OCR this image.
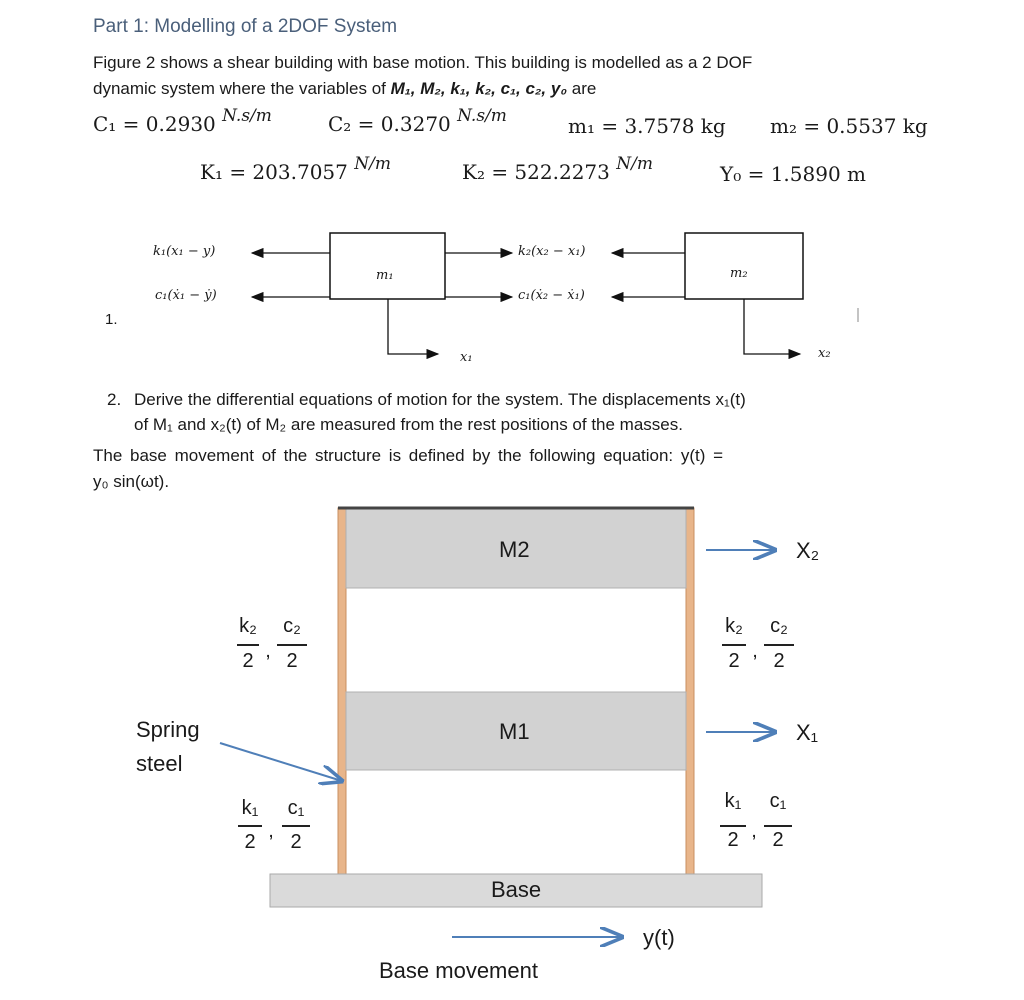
Part 1: Modelling of a 2DOF System
Figure 2 shows a shear building with base motion. This building is modelled as a 2 DOF
dynamic system where the variables of M₁, M₂, k₁, k₂, c₁, c₂, y₀ are
C₁ = 0.2930 $^{N.s/m}$	C₂ = 0.3270 $^{N.s/m}$	m₁ = 3.7578 kg m₂ = 0.5537 kg
K₁ = 203.7057 $^{N/m}$	K₂ = 522.2273 $^{N/m}$	Y₀ = 1.5890 m
k₁(x₁ − y)
c₁(ẋ₁ − ẏ)
m₁
k₂(x₂ − x₁)
c₁(ẋ₂ − ẋ₁)
m₂
x₁	x₂
1.
2. Derive the differential equations of motion for the system. The displacements x₁(t)
of M₁ and x₂(t) of M₂ are measured from the rest positions of the masses.
The base movement of the structure is defined by the following equation: y(t) =
y₀ sin(ωt).
M2
M1
Base
X₂
X₁
Spring
steel
y(t)
Base movement
k₂
2 ,
c₂
2
k₁
2 ,
c₁
2
k₂
2 ,
c₂
2
k₁
2 ,
c₁
2
